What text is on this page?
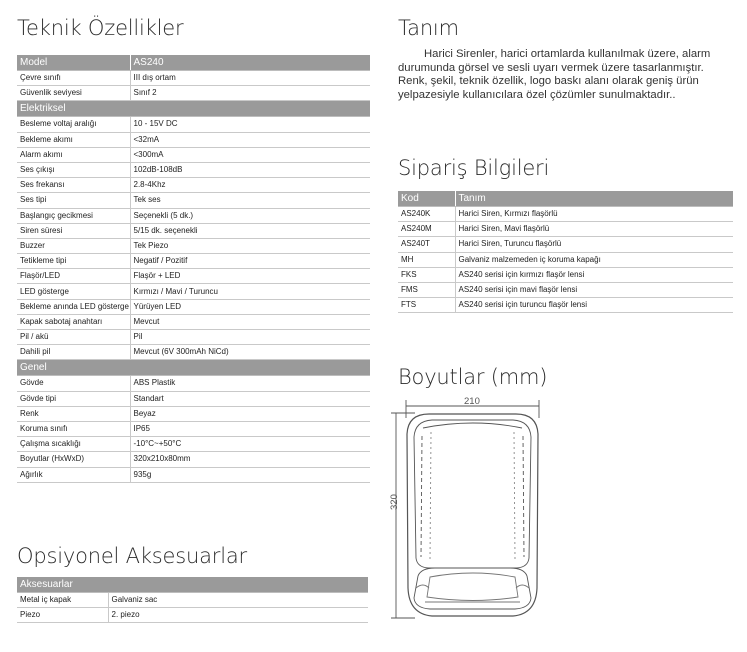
Teknik Özellikler
Model	AS240
Çevre sınıfı	III dış ortam
Güvenlik seviyesi	Sınıf 2
Elektriksel	
Besleme voltaj aralığı	10 - 15V DC
Bekleme akımı	<32mA
Alarm akımı	<300mA
Ses çıkışı	102dB-108dB
Ses frekansı	2.8-4Khz
Ses tipi	Tek ses
Başlangıç gecikmesi	Seçenekli (5 dk.)
Siren süresi	5/15 dk. seçenekli
Buzzer	Tek Piezo
Tetikleme tipi	Negatif / Pozitif
Flaşör/LED	Flaşör + LED
LED gösterge	Kırmızı / Mavi / Turuncu
Bekleme anında LED gösterge	Yürüyen LED
Kapak sabotaj anahtarı	Mevcut
Pil / akü	Pil
Dahili pil	Mevcut (6V 300mAh NiCd)
Genel	
Gövde	ABS Plastik
Gövde tipi	Standart
Renk	Beyaz
Koruma sınıfı	IP65
Çalışma sıcaklığı	-10°C~+50°C
Boyutlar (HxWxD)	320x210x80mm
Ağırlık	935g
Opsiyonel Aksesuarlar
Aksesuarlar	
Metal iç kapak	Galvaniz sac
Piezo	2. piezo
Tanım

Harici Sirenler, harici ortamlarda kullanılmak üzere, alarm durumunda görsel ve sesli uyarı vermek üzere tasarlanmıştır. Renk, şekil, teknik özellik, logo baskı alanı olarak geniş ürün yelpazesiyle kullanıcılara özel çözümler sunulmaktadır..

Sipariş Bilgileri
Kod	Tanım
AS240K	Harici Siren, Kırmızı flaşörlü
AS240M	Harici Siren, Mavi flaşörlü
AS240T	Harici Siren, Turuncu flaşörlü
MH	Galvaniz malzemeden iç koruma kapağı
FKS	AS240 serisi için kırmızı flaşör lensi
FMS	AS240 serisi için mavi flaşör lensi
FTS	AS240 serisi için turuncu flaşör lensi
Boyutlar (mm)
210
320
